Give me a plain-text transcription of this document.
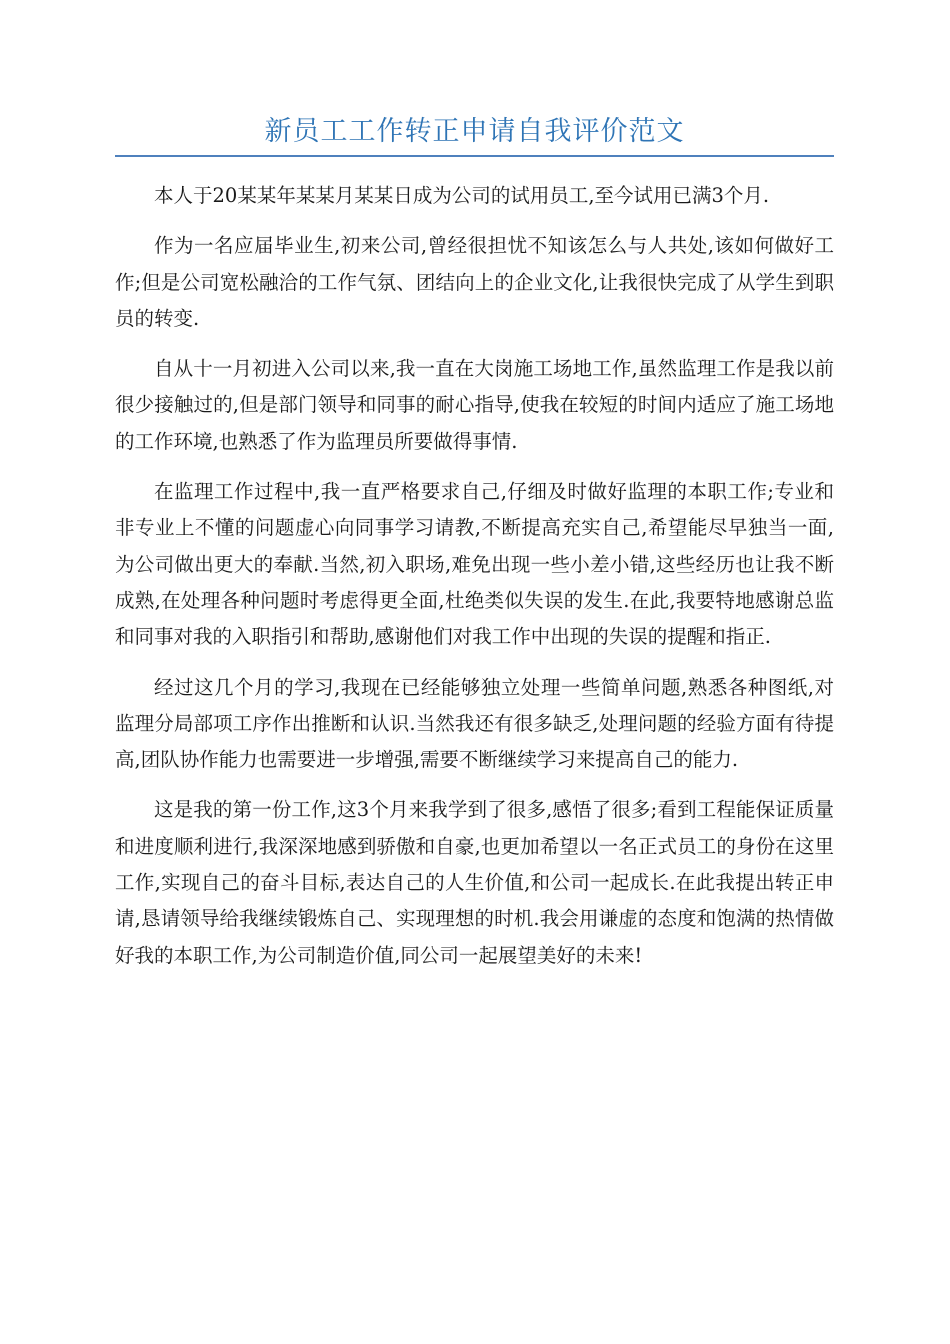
新员工工作转正申请自我评价范文

本人于20某某年某某月某某日成为公司的试用员工,至今试用已满3个月.

作为一名应届毕业生,初来公司,曾经很担忧不知该怎么与人共处,该如何做好工作;但是公司宽松融洽的工作气氛、团结向上的企业文化,让我很快完成了从学生到职员的转变.

自从十一月初进入公司以来,我一直在大岗施工场地工作,虽然监理工作是我以前很少接触过的,但是部门领导和同事的耐心指导,使我在较短的时间内适应了施工场地的工作环境,也熟悉了作为监理员所要做得事情.

在监理工作过程中,我一直严格要求自己,仔细及时做好监理的本职工作;专业和非专业上不懂的问题虚心向同事学习请教,不断提高充实自己,希望能尽早独当一面,为公司做出更大的奉献.当然,初入职场,难免出现一些小差小错,这些经历也让我不断成熟,在处理各种问题时考虑得更全面,杜绝类似失误的发生.在此,我要特地感谢总监和同事对我的入职指引和帮助,感谢他们对我工作中出现的失误的提醒和指正.

经过这几个月的学习,我现在已经能够独立处理一些简单问题,熟悉各种图纸,对监理分局部项工序作出推断和认识.当然我还有很多缺乏,处理问题的经验方面有待提高,团队协作能力也需要进一步增强,需要不断继续学习来提高自己的能力.

这是我的第一份工作,这3个月来我学到了很多,感悟了很多;看到工程能保证质量和进度顺利进行,我深深地感到骄傲和自豪,也更加希望以一名正式员工的身份在这里工作,实现自己的奋斗目标,表达自己的人生价值,和公司一起成长.在此我提出转正申请,恳请领导给我继续锻炼自己、实现理想的时机.我会用谦虚的态度和饱满的热情做好我的本职工作,为公司制造价值,同公司一起展望美好的未来!
